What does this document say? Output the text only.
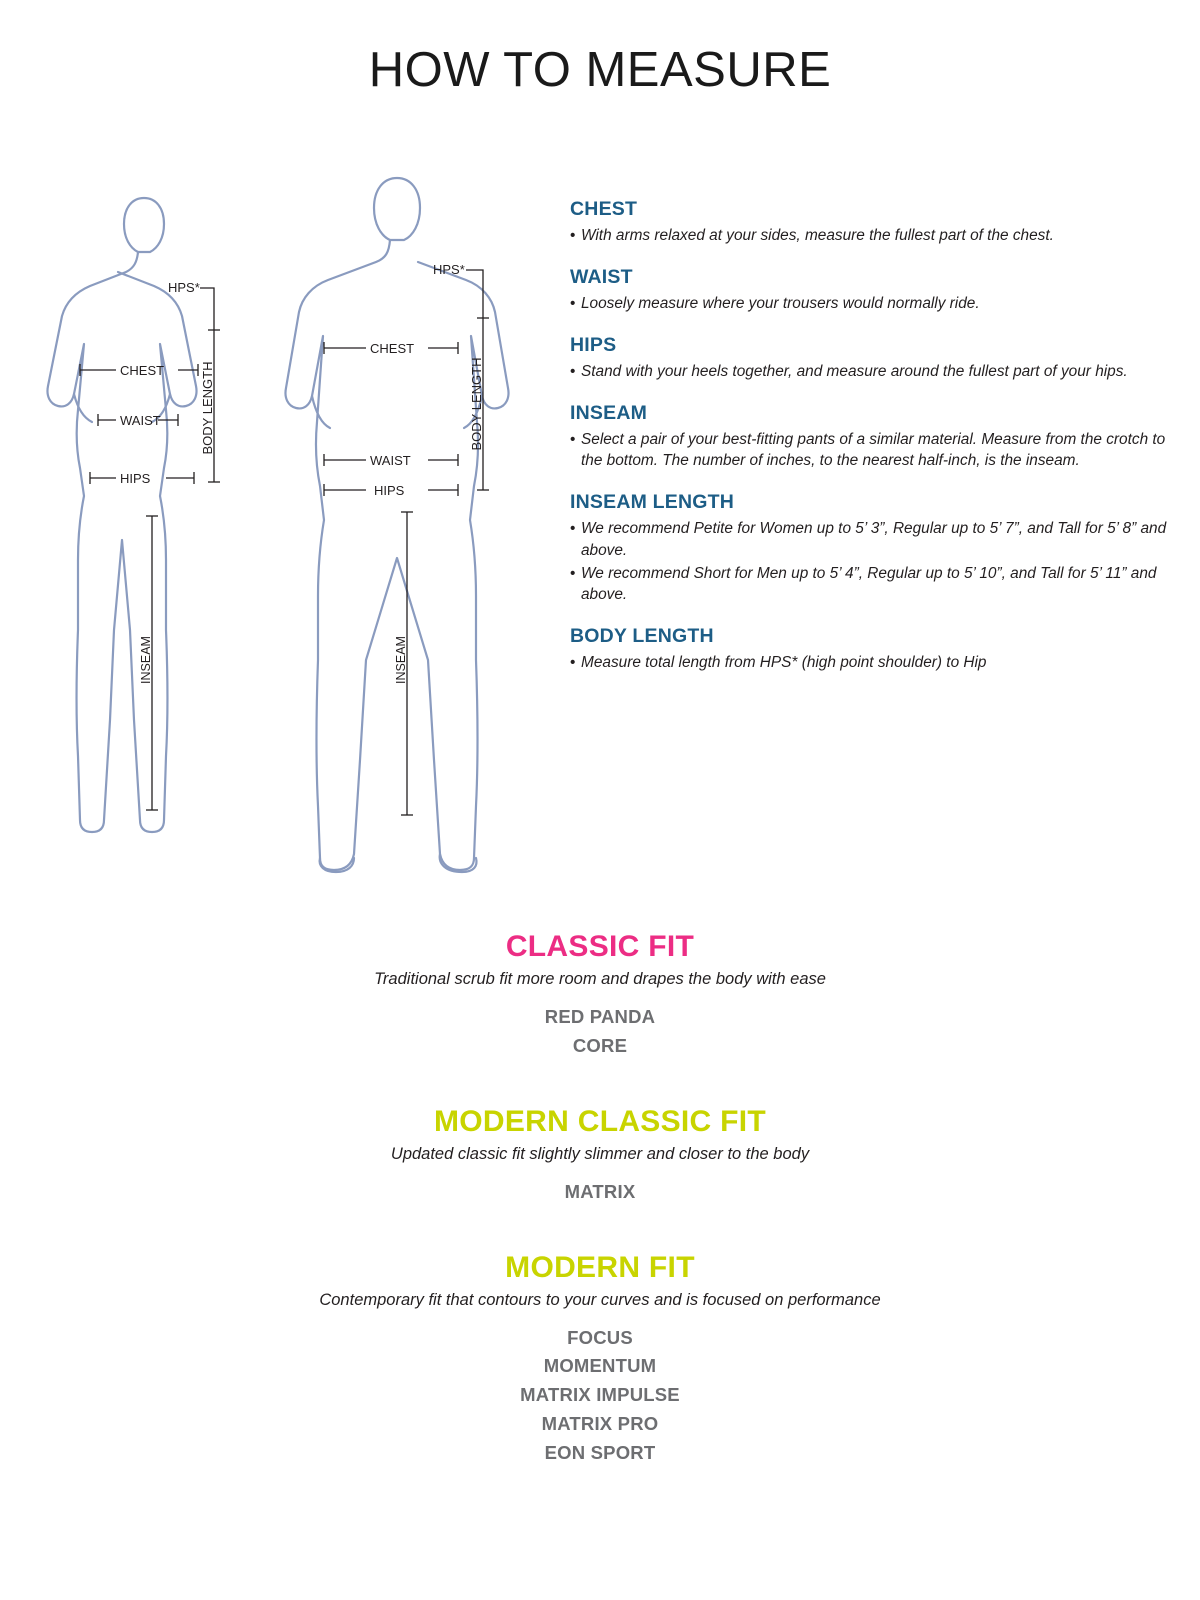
HOW TO MEASURE
HPS*
CHEST
WAIST
HIPS
BODY LENGTH
INSEAM
HPS*
CHEST
WAIST
HIPS
BODY LENGTH
INSEAM
CHEST
• With arms relaxed at your sides, measure the fullest part of the chest.
WAIST
• Loosely measure where your trousers would normally ride.
HIPS
• Stand with your heels together, and measure around the fullest part of your hips.
INSEAM
• Select a pair of your best-fitting pants of a similar material. Measure from the crotch to the bottom. The number of inches, to the nearest half-inch, is the inseam.
INSEAM LENGTH
• We recommend Petite for Women up to 5’ 3”, Regular up to 5’ 7”, and Tall for 5’ 8” and above.
• We recommend Short for Men up to 5’ 4”, Regular up to 5’ 10”, and Tall for 5’ 11” and above.
BODY LENGTH
• Measure total length from HPS* (high point shoulder) to Hip
CLASSIC FIT
Traditional scrub fit more room and drapes the body with ease
RED PANDA
CORE
MODERN CLASSIC FIT
Updated classic fit slightly slimmer and closer to the body
MATRIX
MODERN FIT
Contemporary fit that contours to your curves and is focused on performance
FOCUS
MOMENTUM
MATRIX IMPULSE
MATRIX PRO
EON SPORT
